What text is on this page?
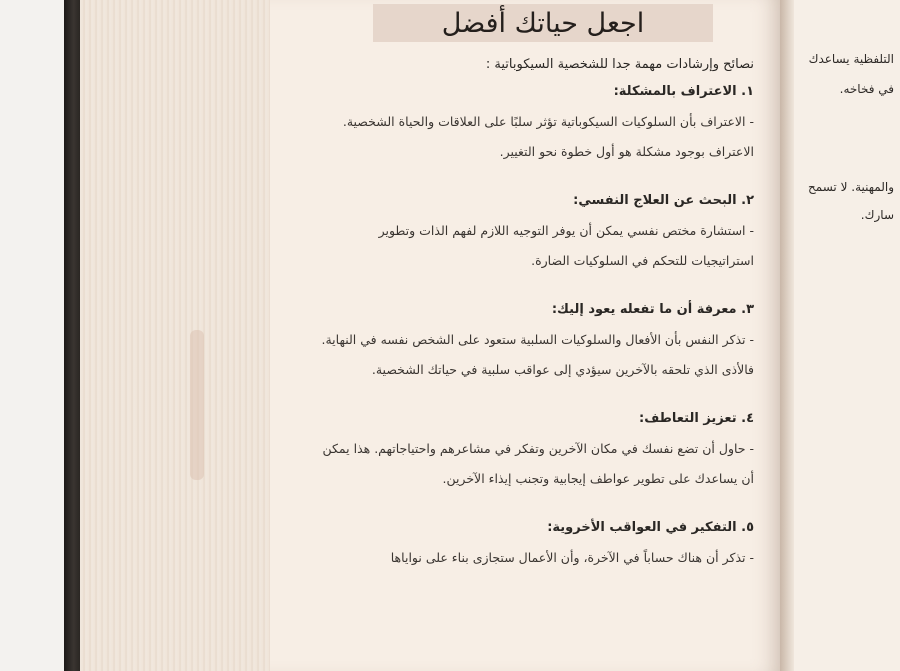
التلفظية يساعدك
في فخاخه.
والمهنية. لا تسمح
سارك.
اجعل حياتك أفضل
نصائح وإرشادات مهمة جدا للشخصية السيكوباتية :
١. الاعتراف بالمشكلة:
- الاعتراف بأن السلوكيات السيكوباتية تؤثر سلبًا على العلاقات والحياة الشخصية. الاعتراف بوجود مشكلة هو أول خطوة نحو التغيير.
٢. البحث عن العلاج النفسي:
- استشارة مختص نفسي يمكن أن يوفر التوجيه اللازم لفهم الذات وتطوير استراتيجيات للتحكم في السلوكيات الضارة.
٣. معرفة أن ما تفعله يعود إليك:
- تذكر النفس بأن الأفعال والسلوكيات السلبية ستعود على الشخص نفسه في النهاية. فالأذى الذي تلحقه بالآخرين سيؤدي إلى عواقب سلبية في حياتك الشخصية.
٤. تعزيز التعاطف:
- حاول أن تضع نفسك في مكان الآخرين وتفكر في مشاعرهم واحتياجاتهم. هذا يمكن أن يساعدك على تطوير عواطف إيجابية وتجنب إيذاء الآخرين.
٥. التفكير في العواقب الأخروية:
- تذكر أن هناك حساباً في الآخرة، وأن الأعمال ستجازى بناء على نواياها
